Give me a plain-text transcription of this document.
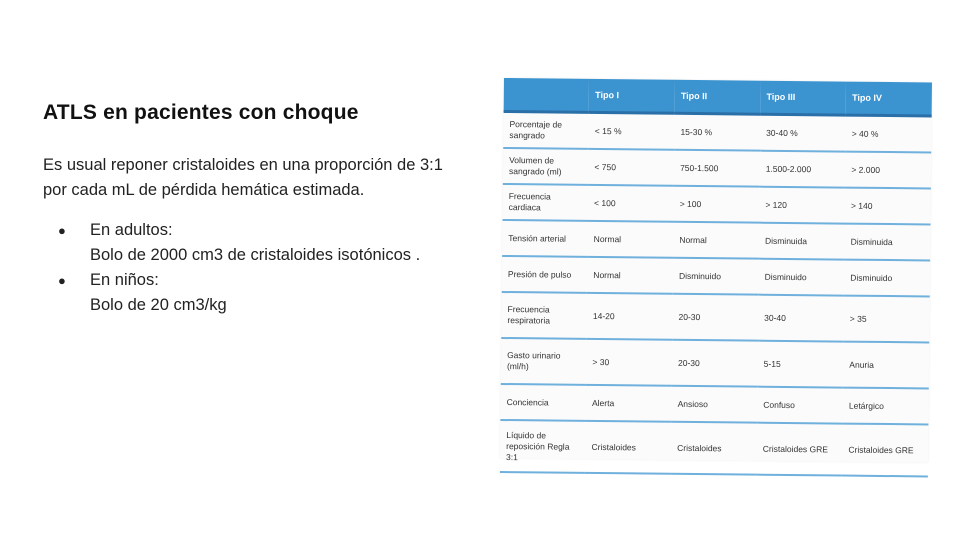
ATLS en pacientes con choque

Es usual reponer cristaloides en una proporción de 3:1 por cada mL de pérdida hemática estimada.

● En adultos:
Bolo de 2000 cm3 de cristaloides isotónicos .
● En niños:
Bolo de 20 cm3/kg
	Tipo I	Tipo II	Tipo III	Tipo IV
Porcentaje de sangrado	< 15 %	15-30 %	30-40 %	> 40 %
Volumen de sangrado (ml)	< 750	750-1.500	1.500-2.000	> 2.000
Frecuencia cardiaca	< 100	> 100	> 120	> 140
Tensión arterial	Normal	Normal	Disminuida	Disminuida
Presión de pulso	Normal	Disminuido	Disminuido	Disminuido
Frecuencia respiratoria	14-20	20-30	30-40	> 35
Gasto urinario (ml/h)	> 30	20-30	5-15	Anuria
Conciencia	Alerta	Ansioso	Confuso	Letárgico
Líquido de reposición Regla 3:1	Cristaloides	Cristaloides	Cristaloides GRE	Cristaloides GRE
